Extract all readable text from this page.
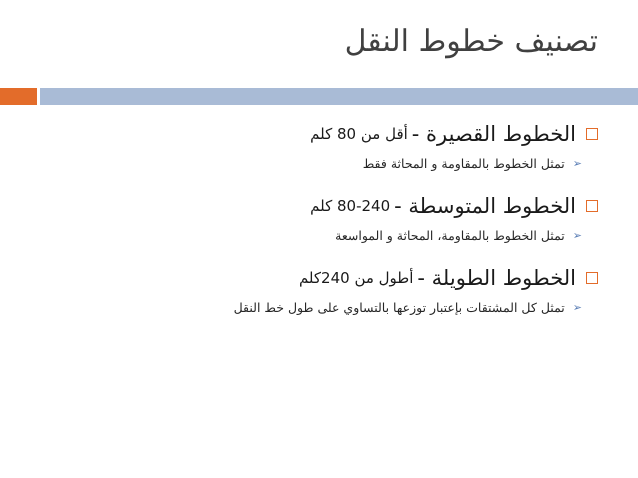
تصنيف خطوط النقل
الخطوط القصيرة -
أقل من 80 كلم
➢
تمثل الخطوط بالمقاومة و المحاثة فقط
الخطوط المتوسطة -
80-240 كلم
➢
تمثل الخطوط بالمقاومة، المحاثة و المواسعة
الخطوط الطويلة -
أطول من 240كلم
➢
تمثل كل المشتقات بإعتبار توزعها بالتساوي على طول خط النقل
